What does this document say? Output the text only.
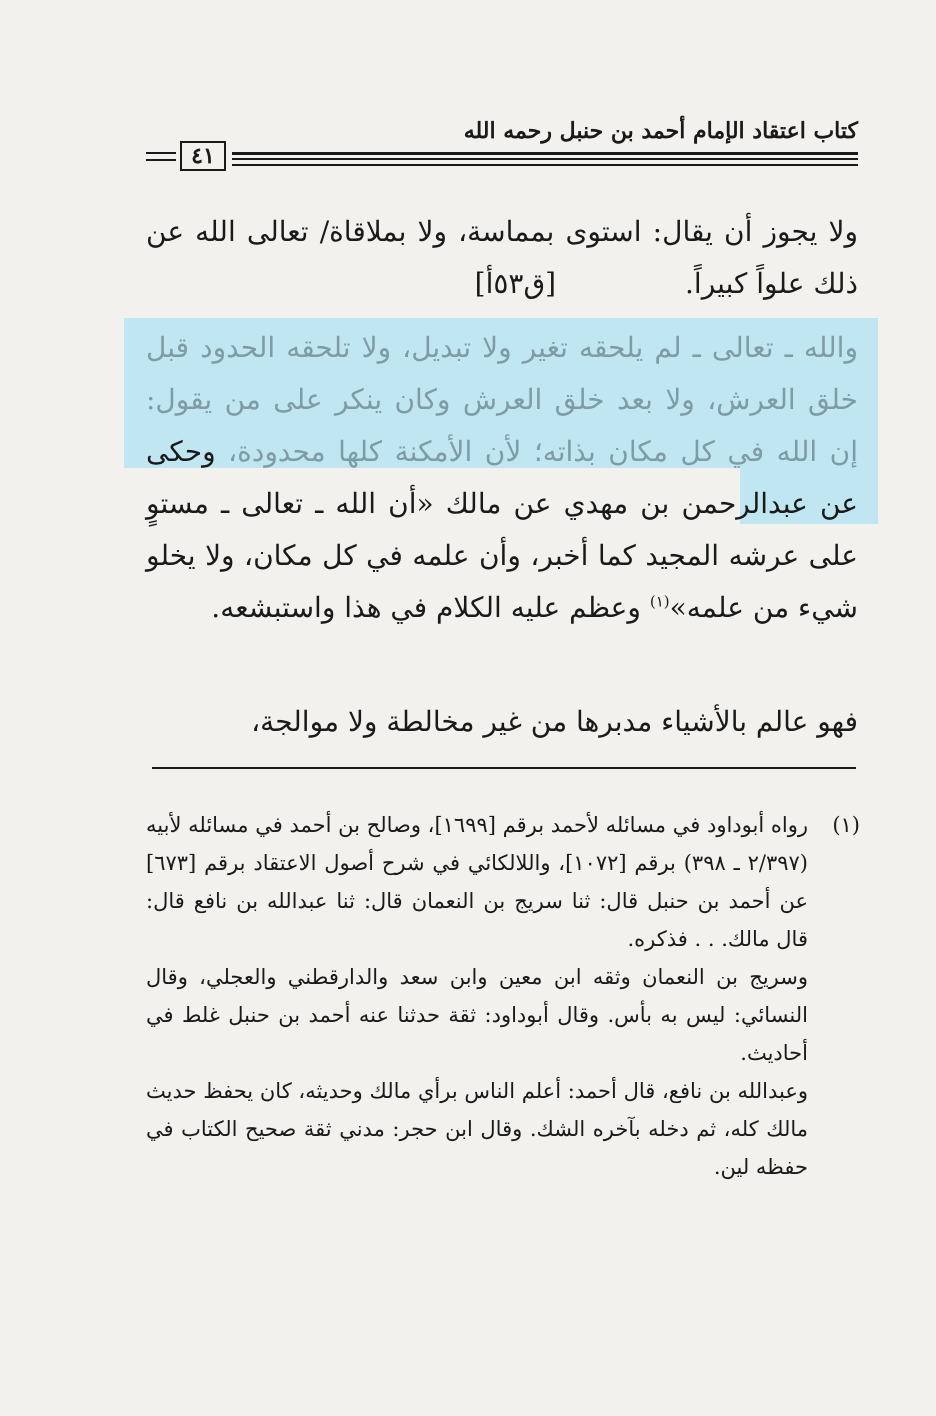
كتاب اعتقاد الإمام أحمد بن حنبل رحمه الله
٤١
ولا يجوز أن يقال: استوى بمماسة، ولا بملاقاة/ تعالى الله عن ذلك علواً كبيراً. [ق٥٣أ]
والله ـ تعالى ـ لم يلحقه تغير ولا تبديل، ولا تلحقه الحدود قبل خلق العرش، ولا بعد خلق العرش وكان ينكر على من يقول: إن الله في كل مكان بذاته؛ لأن الأمكنة كلها محدودة، وحكى عن عبدالرحمن بن مهدي عن مالك «أن الله ـ تعالى ـ مستوٍ على عرشه المجيد كما أخبر، وأن علمه في كل مكان، ولا يخلو شيء من علمه»$^{(١)}$ وعظم عليه الكلام في هذا واستبشعه.
فهو عالم بالأشياء مدبرها من غير مخالطة ولا موالجة،
(١)

رواه أبوداود في مسائله لأحمد برقم [١٦٩٩]، وصالح بن أحمد في مسائله لأبيه (٢/٣٩٧ ـ ٣٩٨) برقم [١٠٧٢]، واللالكائي في شرح أصول الاعتقاد برقم [٦٧٣] عن أحمد بن حنبل قال: ثنا سريج بن النعمان قال: ثنا عبدالله بن نافع قال: قال مالك. . . فذكره.

وسريج بن النعمان وثقه ابن معين وابن سعد والدارقطني والعجلي، وقال النسائي: ليس به بأس. وقال أبوداود: ثقة حدثنا عنه أحمد بن حنبل غلط في أحاديث.

وعبدالله بن نافع، قال أحمد: أعلم الناس برأي مالك وحديثه، كان يحفظ حديث مالك كله، ثم دخله بآخره الشك. وقال ابن حجر: مدني ثقة صحيح الكتاب في حفظه لين.
